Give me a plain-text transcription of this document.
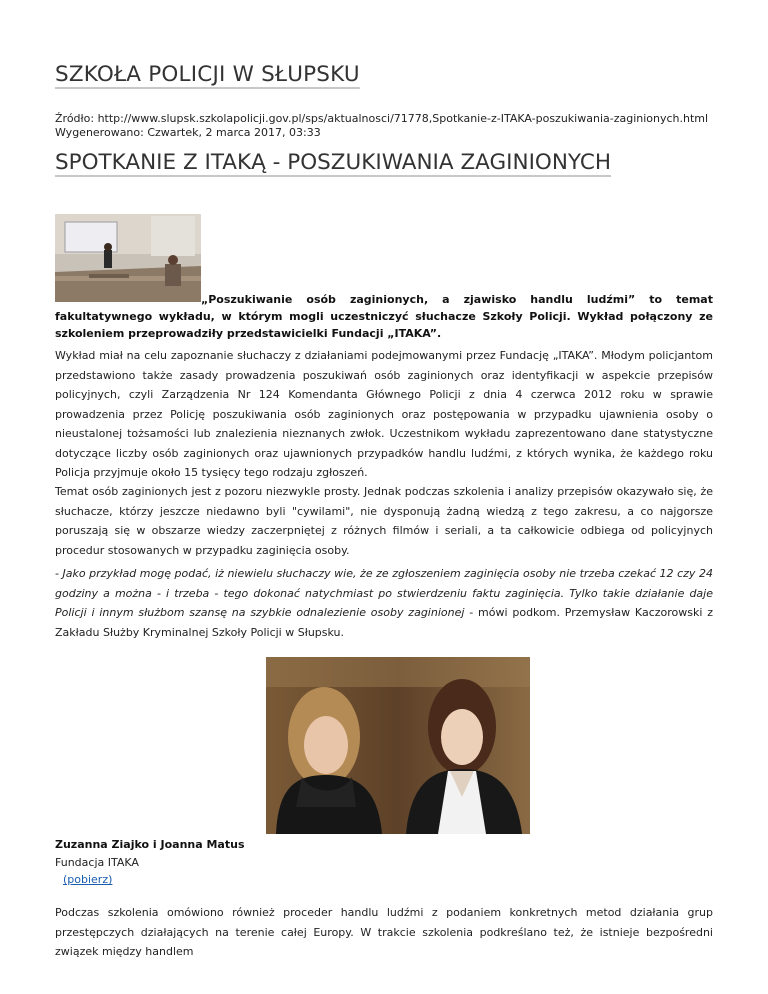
SZKOŁA POLICJI W SŁUPSKU
Źródło: http://www.slupsk.szkolapolicji.gov.pl/sps/aktualnosci/71778,Spotkanie-z-ITAKA-poszukiwania-zaginionych.html
Wygenerowano: Czwartek, 2 marca 2017, 03:33
SPOTKANIE Z ITAKĄ - POSZUKIWANIA ZAGINIONYCH

„Poszukiwanie osób zaginionych, a zjawisko handlu ludźmi” to temat fakultatywnego wykładu, w którym mogli uczestniczyć słuchacze Szkoły Policji. Wykład połączony ze szkoleniem przeprowadziły przedstawicielki Fundacji „ITAKA”.

Wykład miał na celu zapoznanie słuchaczy z działaniami podejmowanymi przez Fundację „ITAKA”. Młodym policjantom przedstawiono także zasady prowadzenia poszukiwań osób zaginionych oraz identyfikacji w aspekcie przepisów policyjnych, czyli Zarządzenia Nr 124 Komendanta Głównego Policji z dnia 4 czerwca 2012 roku w sprawie prowadzenia przez Policję poszukiwania osób zaginionych oraz postępowania w przypadku ujawnienia osoby o nieustalonej tożsamości lub znalezienia nieznanych zwłok. Uczestnikom wykładu zaprezentowano dane statystyczne dotyczące liczby osób zaginionych oraz ujawnionych przypadków handlu ludźmi, z których wynika, że każdego roku Policja przyjmuje około 15 tysięcy tego rodzaju zgłoszeń.

Temat osób zaginionych jest z pozoru niezwykle prosty. Jednak podczas szkolenia i analizy przepisów okazywało się, że słuchacze, którzy jeszcze niedawno byli "cywilami", nie dysponują żadną wiedzą z tego zakresu, a co najgorsze poruszają się w obszarze wiedzy zaczerpniętej z różnych filmów i seriali, a ta całkowicie odbiega od policyjnych procedur stosowanych w przypadku zaginięcia osoby.

- Jako przykład mogę podać, iż niewielu słuchaczy wie, że ze zgłoszeniem zaginięcia osoby nie trzeba czekać 12 czy 24 godziny a można - i trzeba - tego dokonać natychmiast po stwierdzeniu faktu zaginięcia. Tylko takie działanie daje Policji i innym służbom szansę na szybkie odnalezienie osoby zaginionej - mówi podkom. Przemysław Kaczorowski z Zakładu Służby Kryminalnej Szkoły Policji w Słupsku.

Zuzanna Ziajko i Joanna Matus
Fundacja ITAKA
(pobierz)

Podczas szkolenia omówiono również proceder handlu ludźmi z podaniem konkretnych metod działania grup przestępczych działających na terenie całej Europy. W trakcie szkolenia podkreślano też, że istnieje bezpośredni związek między handlem
